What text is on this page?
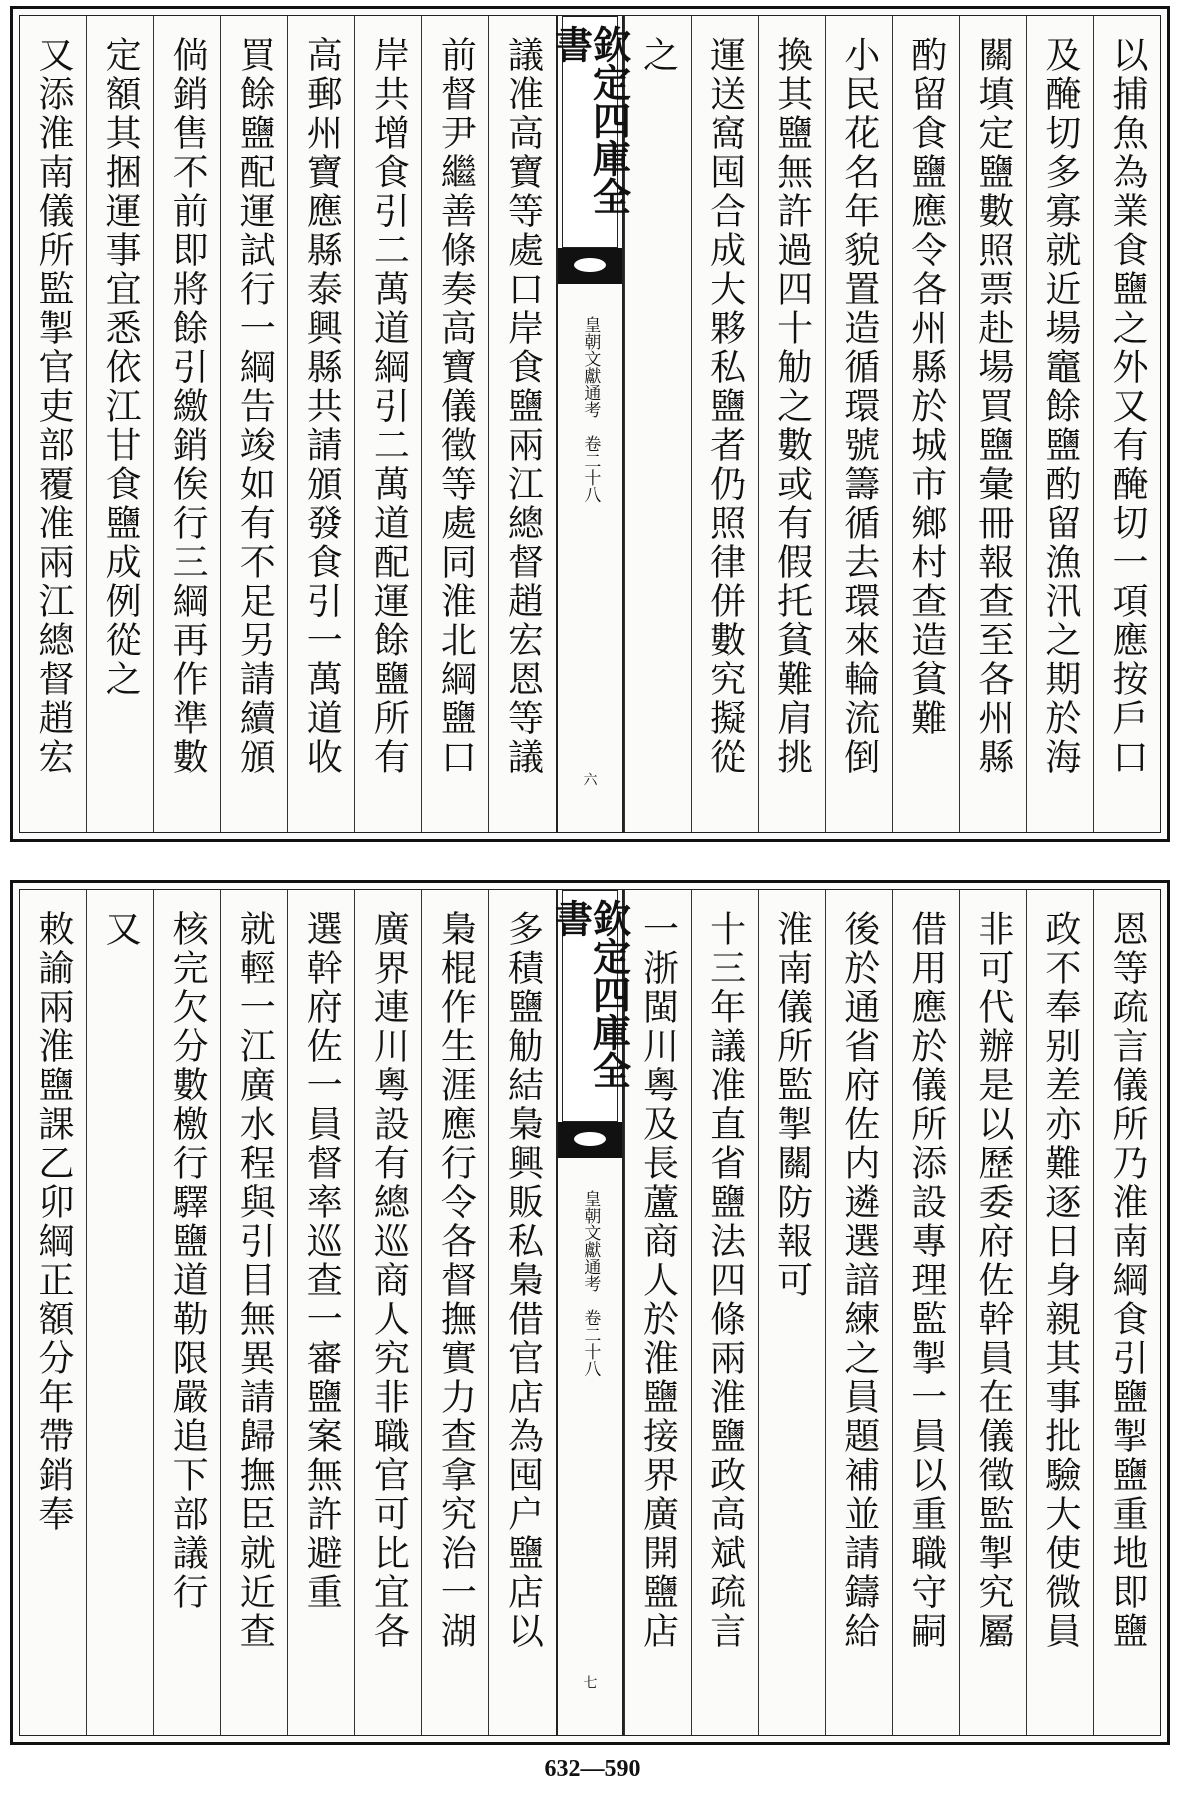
以捕魚為業食鹽之外又有醃切一項應按戶口
及醃切多寡就近場竈餘鹽酌留漁汛之期於海
關填定鹽數照票赴場買鹽彙冊報查至各州縣
酌留食鹽應令各州縣於城市鄉村查造貧難
小民花名年貌置造循環號籌循去環來輪流倒
換其鹽無許過四十觔之數或有假托貧難肩挑
運送窩囤合成大夥私鹽者仍照律併數究擬從
之
欽定四庫全書
皇朝文獻通考　卷二十八
六
議准高寶等處口岸食鹽兩江總督趙宏恩等議
前督尹繼善條奏高寶儀徵等處同淮北綱鹽口
岸共增食引二萬道綱引二萬道配運餘鹽所有
高郵州寶應縣泰興縣共請頒發食引一萬道收
買餘鹽配運試行一綱告竣如有不足另請續頒
倘銷售不前即將餘引繳銷俟行三綱再作準數
定額其捆運事宜悉依江甘食鹽成例從之
又添淮南儀所監掣官吏部覆准兩江總督趙宏
恩等疏言儀所乃淮南綱食引鹽掣鹽重地即鹽
政不奉别差亦難逐日身親其事批驗大使微員
非可代辦是以歷委府佐幹員在儀徵監掣究屬
借用應於儀所添設專理監掣一員以重職守嗣
後於通省府佐内遴選諳練之員題補並請鑄給
淮南儀所監掣關防報可
十三年議准直省鹽法四條兩淮鹽政高斌疏言
一浙閩川粵及長蘆商人於淮鹽接界廣開鹽店
欽定四庫全書
皇朝文獻通考　卷二十八
七
多積鹽觔結梟興販私梟借官店為囤户鹽店以
梟棍作生涯應行令各督撫實力查拿究治一湖
廣界連川粵設有總巡商人究非職官可比宜各
選幹府佐一員督率巡查一審鹽案無許避重
就輕一江廣水程與引目無異請歸撫臣就近查
核完欠分數檄行驛鹽道勒限嚴追下部議行
又
敕諭兩淮鹽課乙卯綱正額分年帶銷奉
632—590
